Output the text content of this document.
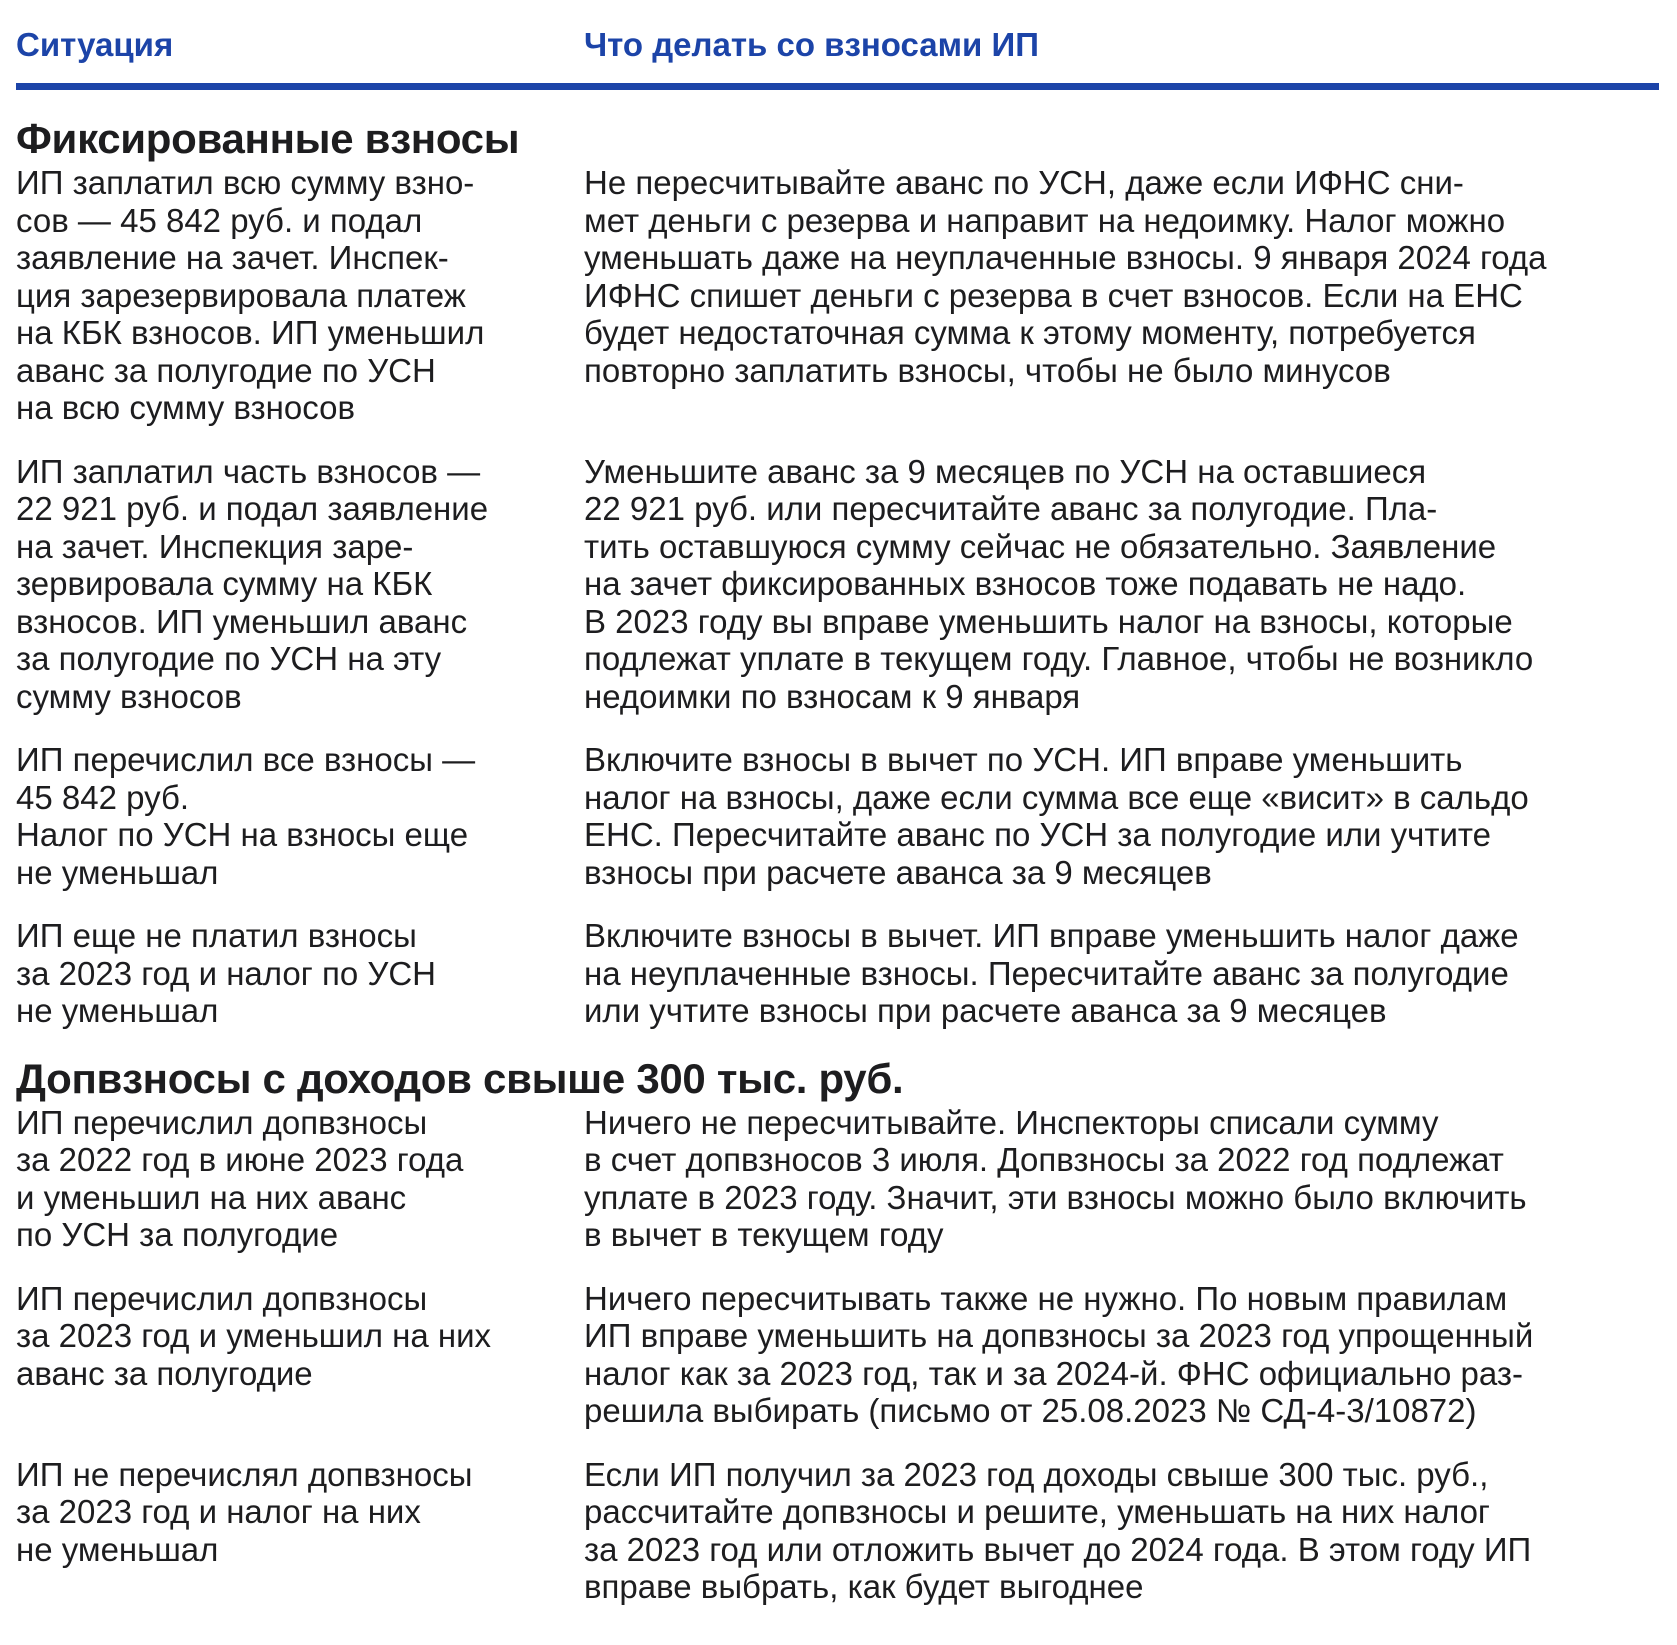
Ситуация	Что делать со взносами ИП
Фиксированные взносы
ИП заплатил всю сумму взно-
сов — 45 842 руб. и подал
заявление на зачет. Инспек-
ция зарезервировала платеж
на КБК взносов. ИП уменьшил
аванс за полугодие по УСН
на всю сумму взносов
Не пересчитывайте аванс по УСН, даже если ИФНС сни-
мет деньги с резерва и направит на недоимку. Налог можно
уменьшать даже на неуплаченные взносы. 9 января 2024 года
ИФНС спишет деньги с резерва в счет взносов. Если на ЕНС
будет недостаточная сумма к этому моменту, потребуется
повторно заплатить взносы, чтобы не было минусов
ИП заплатил часть взносов —
22 921 руб. и подал заявление
на зачет. Инспекция заре-
зервировала сумму на КБК
взносов. ИП уменьшил аванс
за полугодие по УСН на эту
сумму взносов
Уменьшите аванс за 9 месяцев по УСН на оставшиеся
22 921 руб. или пересчитайте аванс за полугодие. Пла-
тить оставшуюся сумму сейчас не обязательно. Заявление
на зачет фиксированных взносов тоже подавать не надо.
В 2023 году вы вправе уменьшить налог на взносы, которые
подлежат уплате в текущем году. Главное, чтобы не возникло
недоимки по взносам к 9 января
ИП перечислил все взносы —
45 842 руб.
Налог по УСН на взносы еще
не уменьшал
Включите взносы в вычет по УСН. ИП вправе уменьшить
налог на взносы, даже если сумма все еще «висит» в сальдо
ЕНС. Пересчитайте аванс по УСН за полугодие или учтите
взносы при расчете аванса за 9 месяцев
ИП еще не платил взносы
за 2023 год и налог по УСН
не уменьшал
Включите взносы в вычет. ИП вправе уменьшить налог даже
на неуплаченные взносы. Пересчитайте аванс за полугодие
или учтите взносы при расчете аванса за 9 месяцев
Допвзносы с доходов свыше 300 тыс. руб.
ИП перечислил допвзносы
за 2022 год в июне 2023 года
и уменьшил на них аванс
по УСН за полугодие
Ничего не пересчитывайте. Инспекторы списали сумму
в счет допвзносов 3 июля. Допвзносы за 2022 год подлежат
уплате в 2023 году. Значит, эти взносы можно было включить
в вычет в текущем году
ИП перечислил допвзносы
за 2023 год и уменьшил на них
аванс за полугодие
Ничего пересчитывать также не нужно. По новым правилам
ИП вправе уменьшить на допвзносы за 2023 год упрощенный
налог как за 2023 год, так и за 2024-й. ФНС официально раз-
решила выбирать (письмо от 25.08.2023 № СД-4-3/10872)
ИП не перечислял допвзносы
за 2023 год и налог на них
не уменьшал
Если ИП получил за 2023 год доходы свыше 300 тыс. руб.,
рассчитайте допвзносы и решите, уменьшать на них налог
за 2023 год или отложить вычет до 2024 года. В этом году ИП
вправе выбрать, как будет выгоднее
